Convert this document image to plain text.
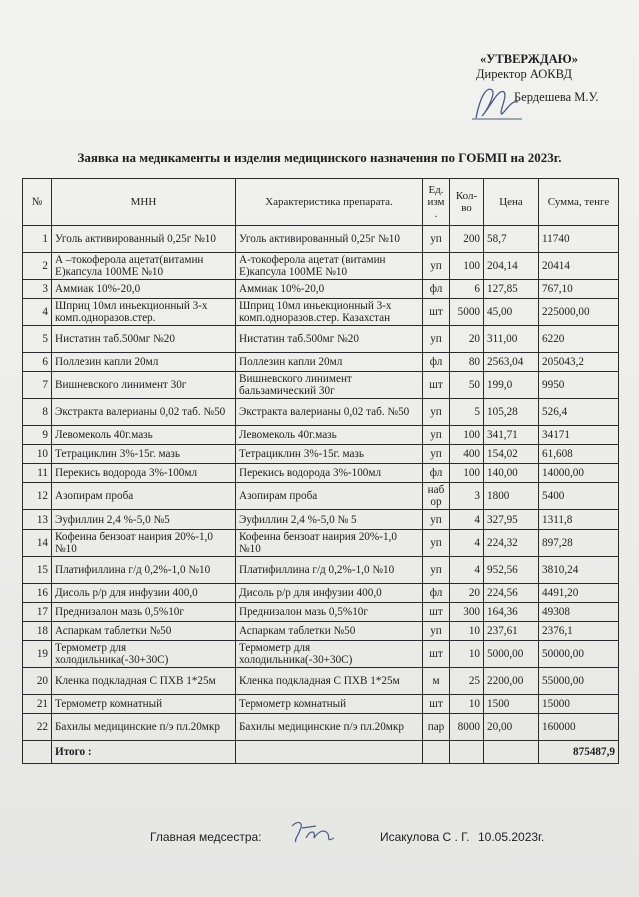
«УТВЕРЖДАЮ»
Директор АОКВД
Бердешева М.У.
Заявка на медикаменты и изделия медицинского назначения по ГОБМП на 2023г.
№	МНН	Характеристика препарата.	Ед. изм .	Кол-во	Цена	Сумма, тенге
1	Уголь активированный 0,25г №10	Уголь активированный 0,25г №10	уп	200	58,7	11740
2	А –токоферола ацетат(витамин Е)капсула 100МЕ №10	А-токоферола ацетат (витамин Е)капсула 100МЕ №10	уп	100	204,14	20414
3	Аммиак 10%-20,0	Аммиак 10%-20,0	фл	6	127,85	767,10
4	Шприц 10мл иньекционный 3-х комп.одноразов.стер.	Шприц 10мл иньекционный 3-х комп.одноразов.стер. Казахстан	шт	5000	45,00	225000,00
5	Нистатин таб.500мг №20	Нистатин таб.500мг №20	уп	20	311,00	6220
6	Поллезин капли 20мл	Поллезин капли 20мл	фл	80	2563,04	205043,2
7	Вишневского линимент 30г	Вишневского линимент бальзамический 30г	шт	50	199,0	9950
8	Экстракта валерианы 0,02 таб. №50	Экстракта валерианы 0,02 таб. №50	уп	5	105,28	526,4
9	Левомеколь 40г.мазь	Левомеколь 40г.мазь	уп	100	341,71	34171
10	Тетрациклин 3%-15г. мазь	Тетрациклин 3%-15г. мазь	уп	400	154,02	61,608
11	Перекись водорода 3%-100мл	Перекись водорода 3%-100мл	фл	100	140,00	14000,00
12	Азопирам проба	Азопирам проба	наб ор	3	1800	5400
13	Эуфиллин 2,4 %-5,0 №5	Эуфиллин 2,4 %-5,0 № 5	уп	4	327,95	1311,8
14	Кофеина бензоат наирия 20%-1,0 №10	Кофеина бензоат наирия 20%-1,0 №10	уп	4	224,32	897,28
15	Платифиллина г/д 0,2%-1,0 №10	Платифиллина г/д 0,2%-1,0 №10	уп	4	952,56	3810,24
16	Дисоль р/р для инфузии 400,0	Дисоль р/р для инфузии 400,0	фл	20	224,56	4491,20
17	Преднизалон мазь 0,5%10г	Преднизалон мазь 0,5%10г	шт	300	164,36	49308
18	Аспаркам таблетки №50	Аспаркам таблетки №50	уп	10	237,61	2376,1
19	Термометр для холодильника(-30+30С)	Термометр для холодильника(-30+30С)	шт	10	5000,00	50000,00
20	Кленка подкладная С ПХВ 1*25м	Кленка подкладная С ПХВ 1*25м	м	25	2200,00	55000,00
21	Термометр комнатный	Термометр комнатный	шт	10	1500	15000
22	Бахилы медицинские п/э пл.20мкр	Бахилы медицинские п/э пл.20мкр	пар	8000	20,00	160000
	Итого :					875487,9
Главная медсестра:	Исакулова С . Г. 10.05.2023г.
